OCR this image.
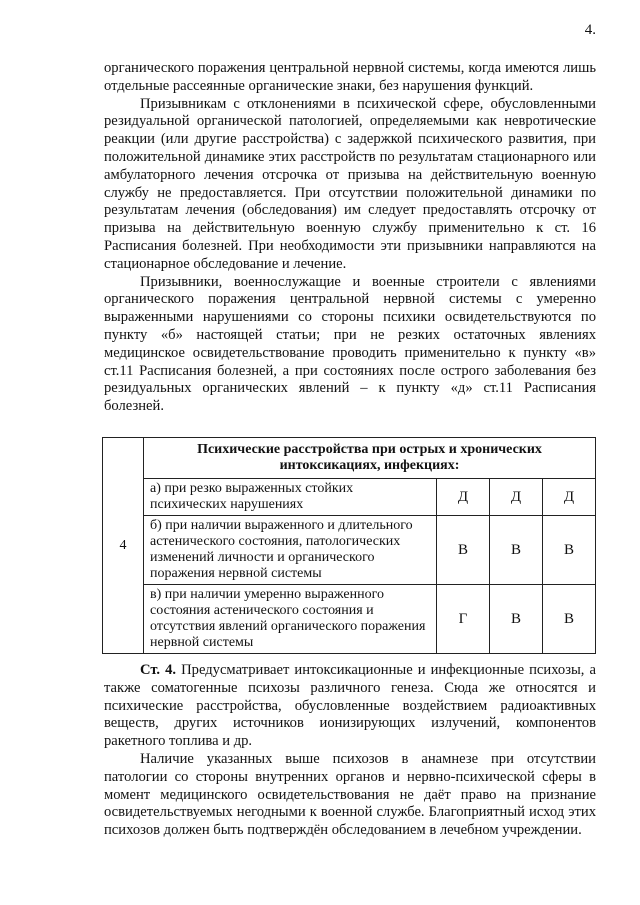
4.

органического поражения центральной нервной системы, когда имеются лишь отдельные рассеянные органические знаки, без нарушения функций.

Призывникам с отклонениями в психической сфере, обусловленными резидуальной органической патологией, определяемыми как невротические реакции (или другие расстройства) с задержкой психического развития, при положительной динамике этих расстройств по результатам стационарного или амбулаторного лечения отсрочка от призыва на действительную военную службу не предоставляется. При отсутствии положительной динамики по результатам лечения (обследования) им следует предоставлять отсрочку от призыва на действительную военную службу применительно к ст. 16 Расписания болезней. При необходимости эти призывники направляются на стационарное обследование и лечение.

Призывники, военнослужащие и военные строители с явлениями органического поражения центральной нервной системы с умеренно выраженными нарушениями со стороны психики освидетельствуются по пункту «б» настоящей статьи; при не резких остаточных явлениях медицинское освидетельствование проводить применительно к пункту «в» ст.11 Расписания болезней, а при состояниях после острого заболевания без резидуальных органических явлений – к пункту «д» ст.11 Расписания болезней.

4	Психические расстройства при острых и хронических интоксикациях, инфекциях:			
	а) при резко выраженных стойких психических нарушениях	Д	Д	Д
	б) при наличии выраженного и длительного астенического состояния, патологических изменений личности и органического поражения нервной системы	В	В	В
	в) при наличии умеренно выраженного состояния астенического состояния и отсутствия явлений органического поражения нервной системы	Г	В	В

Ст. 4. Предусматривает интоксикационные и инфекционные психозы, а также соматогенные психозы различного генеза. Сюда же относятся и психические расстройства, обусловленные воздействием радиоактивных веществ, других источников ионизирующих излучений, компонентов ракетного топлива и др.

Наличие указанных выше психозов в анамнезе при отсутствии патологии со стороны внутренних органов и нервно-психической сферы в момент медицинского освидетельствования не даёт право на признание освидетельствуемых негодными к военной службе. Благоприятный исход этих психозов должен быть подтверждён обследованием в лечебном учреждении.
